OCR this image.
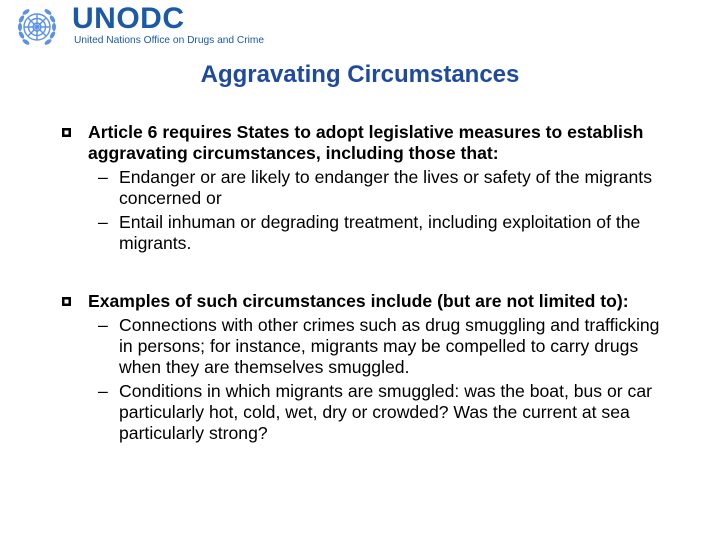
UNODC
United Nations Office on Drugs and Crime
Aggravating Circumstances
Article 6 requires States to adopt legislative measures to establish aggravating circumstances, including those that:
– Endanger or are likely to endanger the lives or safety of the migrants concerned or
– Entail inhuman or degrading treatment, including exploitation of the migrants.
Examples of such circumstances include (but are not limited to):
– Connections with other crimes such as drug smuggling and trafficking in persons; for instance, migrants may be compelled to carry drugs when they are themselves smuggled.
– Conditions in which migrants are smuggled: was the boat, bus or car particularly hot, cold, wet, dry or crowded? Was the current at sea particularly strong?
